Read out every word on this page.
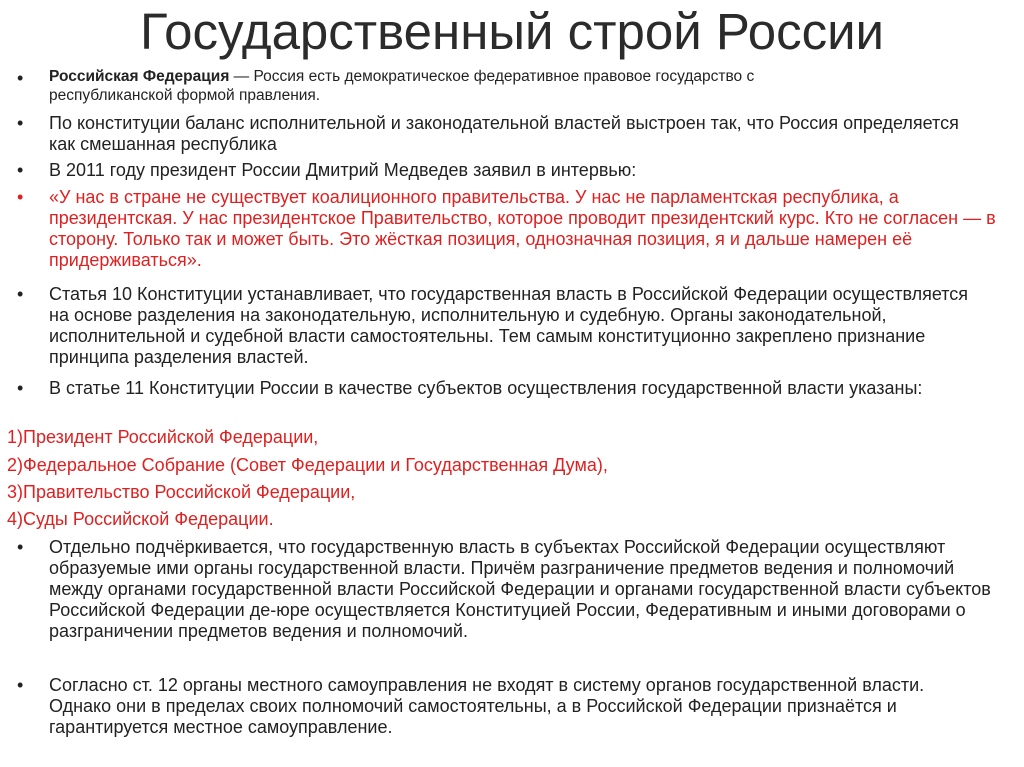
Государственный строй России
• Российская Федерация — Россия есть демократическое федеративное правовое государство с республиканской формой правления.
• По конституции баланс исполнительной и законодательной властей выстроен так, что Россия определяется как смешанная республика
• В 2011 году президент России Дмитрий Медведев заявил в интервью:
• «У нас в стране не существует коалиционного правительства. У нас не парламентская республика, а президентская. У нас президентское Правительство, которое проводит президентский курс. Кто не согласен — в сторону. Только так и может быть. Это жёсткая позиция, однозначная позиция, я и дальше намерен её придерживаться».
• Статья 10 Конституции устанавливает, что государственная власть в Российской Федерации осуществляется на основе разделения на законодательную, исполнительную и судебную. Органы законодательной, исполнительной и судебной власти самостоятельны. Тем самым конституционно закреплено признание принципа разделения властей.
• В статье 11 Конституции России в качестве субъектов осуществления государственной власти указаны:
1)Президент Российской Федерации,
2)Федеральное Собрание (Совет Федерации и Государственная Дума),
3)Правительство Российской Федерации,
4)Суды Российской Федерации.
• Отдельно подчёркивается, что государственную власть в субъектах Российской Федерации осуществляют образуемые ими органы государственной власти. Причём разграничение предметов ведения и полномочий между органами государственной власти Российской Федерации и органами государственной власти субъектов Российской Федерации де-юре осуществляется Конституцией России, Федеративным и иными договорами о разграничении предметов ведения и полномочий.
• Согласно ст. 12 органы местного самоуправления не входят в систему органов государственной власти. Однако они в пределах своих полномочий самостоятельны, а в Российской Федерации признаётся и гарантируется местное самоуправление.
